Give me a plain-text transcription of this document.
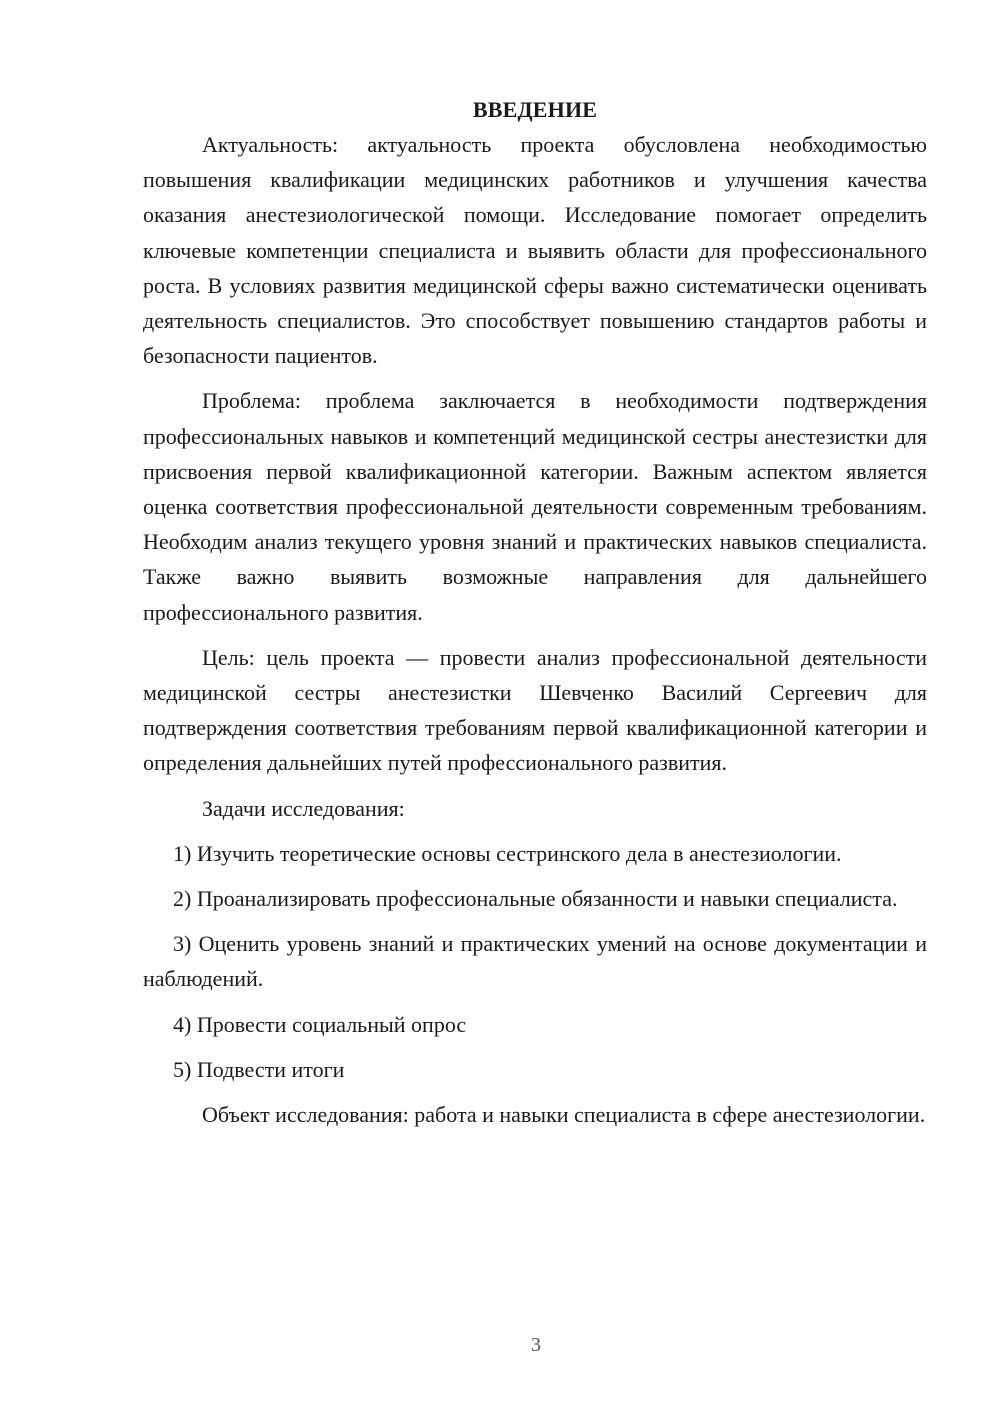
ВВЕДЕНИЕ

Актуальность: актуальность проекта обусловлена необходимостью повышения квалификации медицинских работников и улучшения качества оказания анестезиологической помощи. Исследование помогает определить ключевые компетенции специалиста и выявить области для профессионального роста. В условиях развития медицинской сферы важно систематически оценивать деятельность специалистов. Это способствует повышению стандартов работы и безопасности пациентов.

Проблема: проблема заключается в необходимости подтверждения профессиональных навыков и компетенций медицинской сестры анестезистки для присвоения первой квалификационной категории. Важным аспектом является оценка соответствия профессиональной деятельности современным требованиям. Необходим анализ текущего уровня знаний и практических навыков специалиста. Также важно выявить возможные направления для дальнейшего профессионального развития.

Цель: цель проекта — провести анализ профессиональной деятельности медицинской сестры анестезистки Шевченко Василий Сергеевич для подтверждения соответствия требованиям первой квалификационной категории и определения дальнейших путей профессионального развития.

Задачи исследования:

1) Изучить теоретические основы сестринского дела в анестезиологии.

2) Проанализировать профессиональные обязанности и навыки специалиста.

3) Оценить уровень знаний и практических умений на основе документации и наблюдений.

4) Провести социальный опрос

5) Подвести итоги

Объект исследования: работа и навыки специалиста в сфере анестезиологии.

3
